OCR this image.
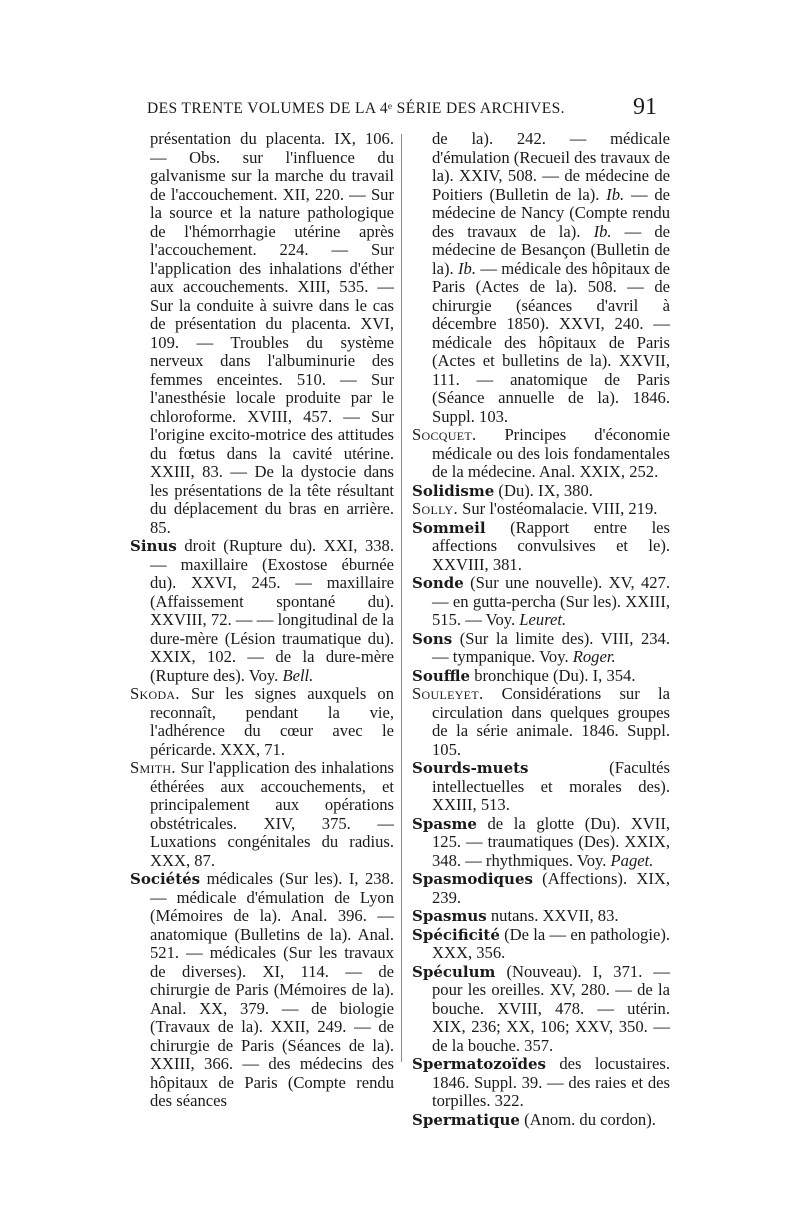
DES TRENTE VOLUMES DE LA 4ᵉ SÉRIE DES ARCHIVES.	91

présentation du placenta. IX, 106. — Obs. sur l'influence du galvanisme sur la marche du travail de l'accouchement. XII, 220. — Sur la source et la nature pathologique de l'hémorrhagie utérine après l'accouchement. 224. — Sur l'application des inhalations d'éther aux accouchements. XIII, 535. — Sur la conduite à suivre dans le cas de présentation du placenta. XVI, 109. — Troubles du système nerveux dans l'albuminurie des femmes enceintes. 510. — Sur l'anesthésie locale produite par le chloroforme. XVIII, 457. — Sur l'origine excito-motrice des attitudes du fœtus dans la cavité utérine. XXIII, 83. — De la dystocie dans les présentations de la tête résultant du déplacement du bras en arrière. 85.

Sinus droit (Rupture du). XXI, 338. — maxillaire (Exostose éburnée du). XXVI, 245. — maxillaire (Affaissement spontané du). XXVIII, 72. — — longitudinal de la dure-mère (Lésion traumatique du). XXIX, 102. — de la dure-mère (Rupture des). Voy. Bell.

Skoda. Sur les signes auxquels on reconnaît, pendant la vie, l'adhérence du cœur avec le péricarde. XXX, 71.

Smith. Sur l'application des inhalations éthérées aux accouchements, et principalement aux opérations obstétricales. XIV, 375. — Luxations congénitales du radius. XXX, 87.

Sociétés médicales (Sur les). I, 238. — médicale d'émulation de Lyon (Mémoires de la). Anal. 396. — anatomique (Bulletins de la). Anal. 521. — médicales (Sur les travaux de diverses). XI, 114. — de chirurgie de Paris (Mémoires de la). Anal. XX, 379. — de biologie (Travaux de la). XXII, 249. — de chirurgie de Paris (Séances de la). XXIII, 366. — des médecins des hôpitaux de Paris (Compte rendu des séances

de la). 242. — médicale d'émulation (Recueil des travaux de la). XXIV, 508. — de médecine de Poitiers (Bulletin de la). Ib. — de médecine de Nancy (Compte rendu des travaux de la). Ib. — de médecine de Besançon (Bulletin de la). Ib. — médicale des hôpitaux de Paris (Actes de la). 508. — de chirurgie (séances d'avril à décembre 1850). XXVI, 240. — médicale des hôpitaux de Paris (Actes et bulletins de la). XXVII, 111. — anatomique de Paris (Séance annuelle de la). 1846. Suppl. 103.

Socquet. Principes d'économie médicale ou des lois fondamentales de la médecine. Anal. XXIX, 252.

Solidisme (Du). IX, 380.

Solly. Sur l'ostéomalacie. VIII, 219.

Sommeil (Rapport entre les affections convulsives et le). XXVIII, 381.

Sonde (Sur une nouvelle). XV, 427. — en gutta-percha (Sur les). XXIII, 515. — Voy. Leuret.

Sons (Sur la limite des). VIII, 234. — tympanique. Voy. Roger.

Souffle bronchique (Du). I, 354.

Souleyet. Considérations sur la circulation dans quelques groupes de la série animale. 1846. Suppl. 105.

Sourds-muets (Facultés intellectuelles et morales des). XXIII, 513.

Spasme de la glotte (Du). XVII, 125. — traumatiques (Des). XXIX, 348. — rhythmiques. Voy. Paget.

Spasmodiques (Affections). XIX, 239.

Spasmus nutans. XXVII, 83.

Spécificité (De la — en pathologie). XXX, 356.

Spéculum (Nouveau). I, 371. — pour les oreilles. XV, 280. — de la bouche. XVIII, 478. — utérin. XIX, 236; XX, 106; XXV, 350. — de la bouche. 357.

Spermatozoïdes des locustaires. 1846. Suppl. 39. — des raies et des torpilles. 322.

Spermatique (Anom. du cordon).
